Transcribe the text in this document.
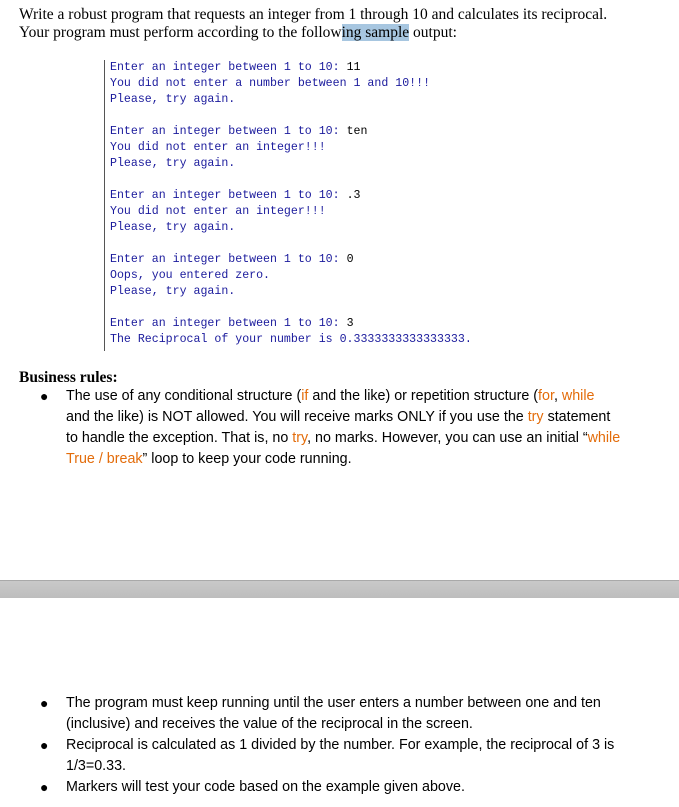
Write a robust program that requests an integer from 1 through 10 and calculates its reciprocal.
Your program must perform according to the following sample output:

Enter an integer between 1 to 10: 11
You did not enter a number between 1 and 10!!!
Please, try again.
Enter an integer between 1 to 10: ten
You did not enter an integer!!!
Please, try again.
Enter an integer between 1 to 10: .3
You did not enter an integer!!!
Please, try again.
Enter an integer between 1 to 10: 0
Oops, you entered zero.
Please, try again.
Enter an integer between 1 to 10: 3
The Reciprocal of your number is 0.3333333333333333.

Business rules:

● The use of any conditional structure (if and the like) or repetition structure (for, while and the like) is NOT allowed. You will receive marks ONLY if you use the try statement to handle the exception. That is, no try, no marks. However, you can use an initial “while True / break” loop to keep your code running.
● The program must keep running until the user enters a number between one and ten (inclusive) and receives the value of the reciprocal in the screen.
● Reciprocal is calculated as 1 divided by the number. For example, the reciprocal of 3 is 1/3=0.33.
● Markers will test your code based on the example given above.
